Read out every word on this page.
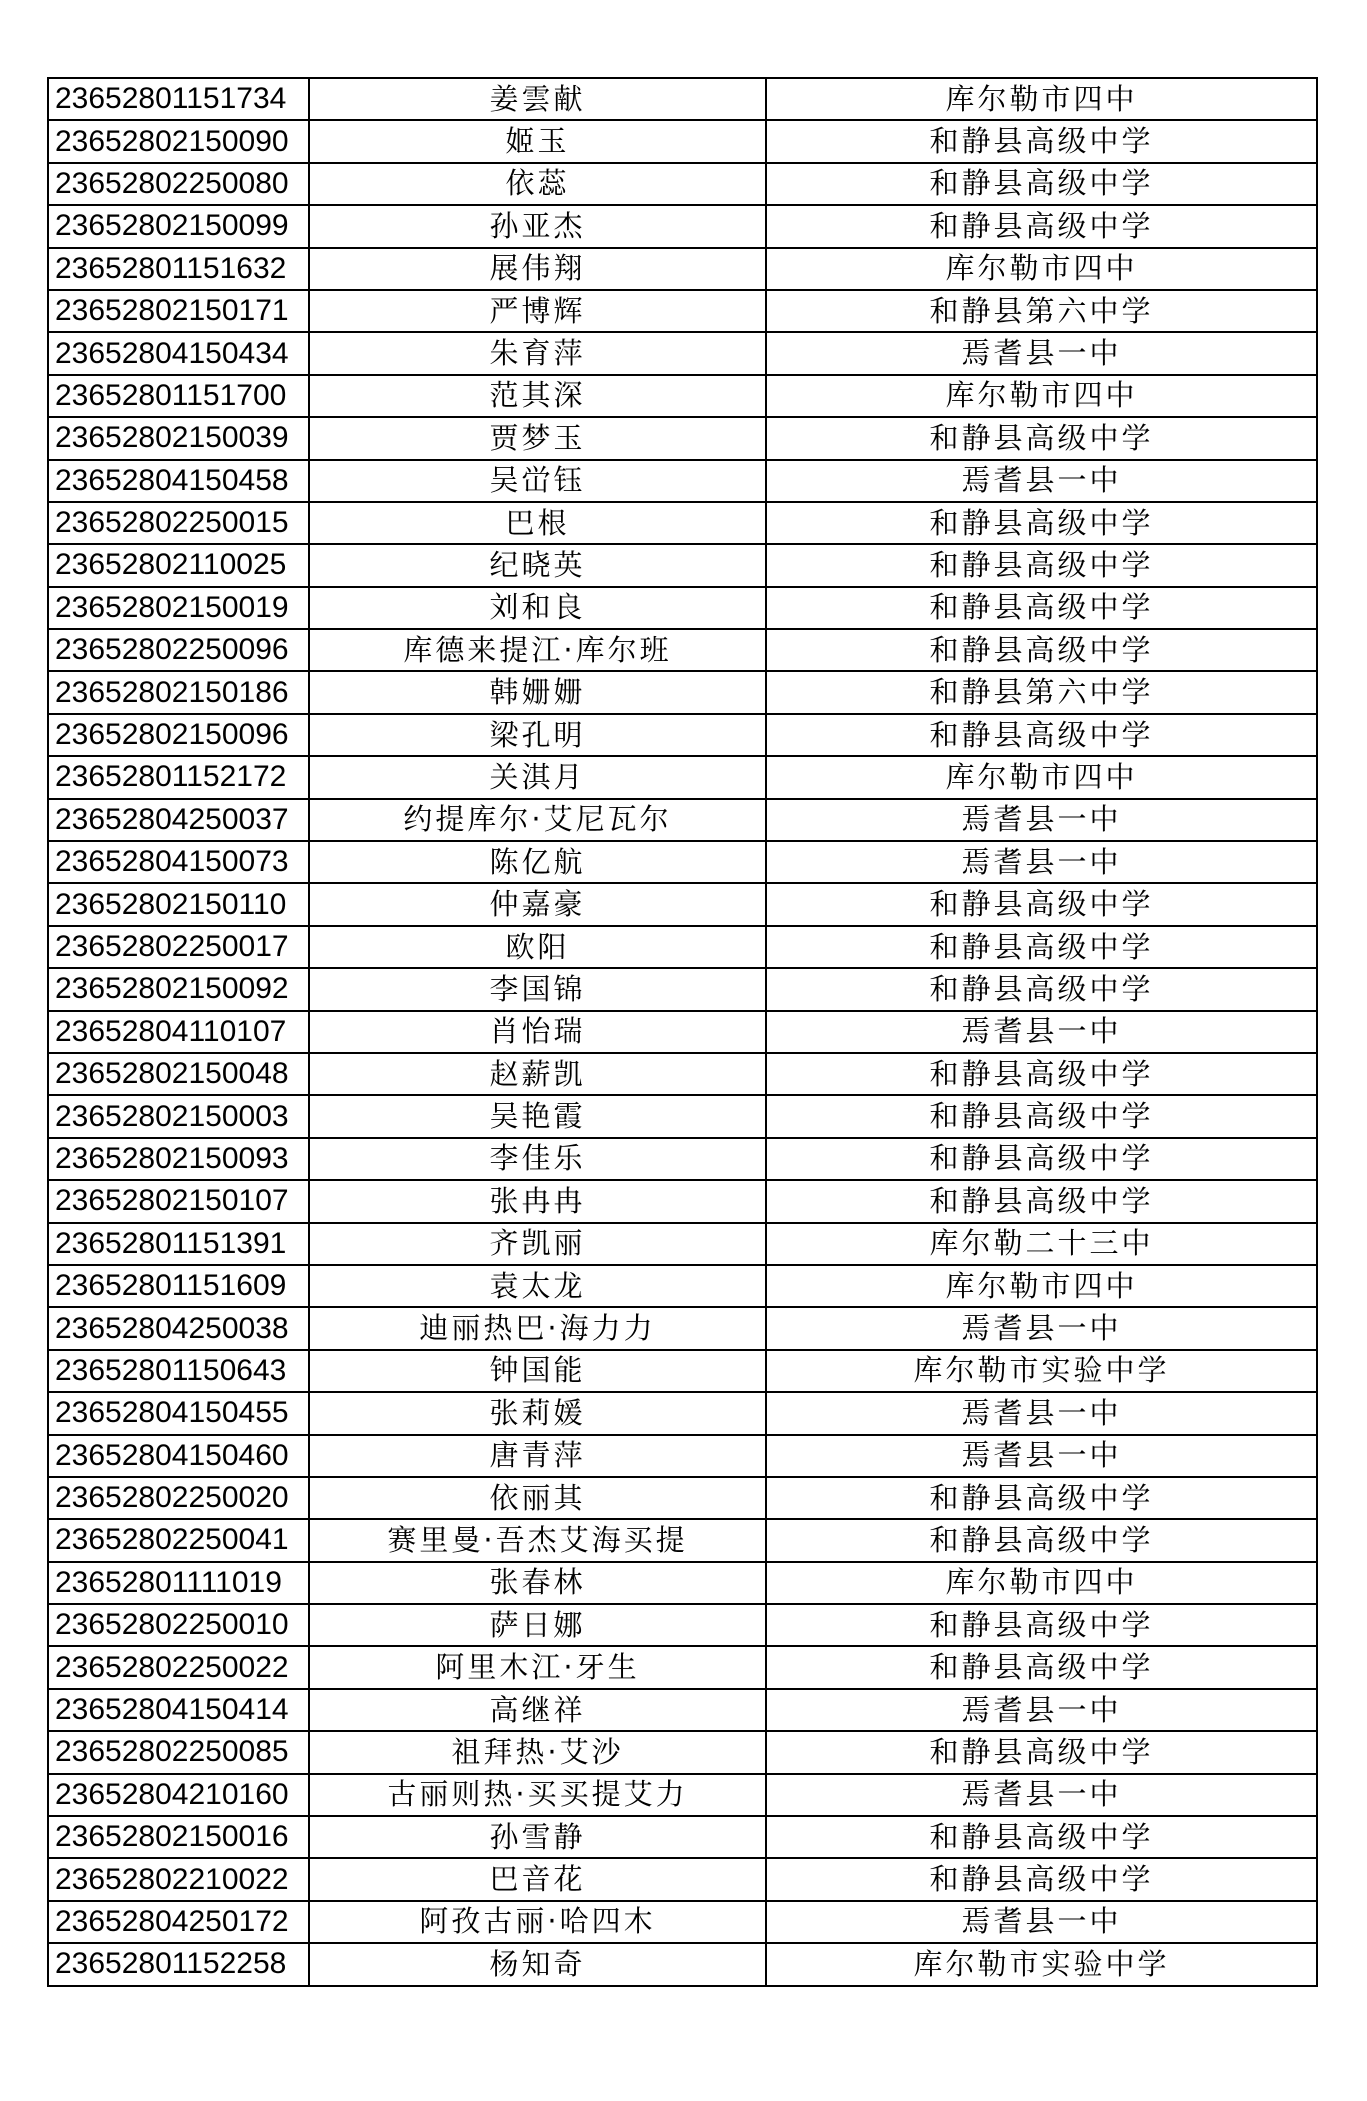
23652801151734	姜雲献	库尔勒市四中
23652802150090	姬玉	和静县高级中学
23652802250080	依蕊	和静县高级中学
23652802150099	孙亚杰	和静县高级中学
23652801151632	展伟翔	库尔勒市四中
23652802150171	严博辉	和静县第六中学
23652804150434	朱育萍	焉耆县一中
23652801151700	范其深	库尔勒市四中
23652802150039	贾梦玉	和静县高级中学
23652804150458	吴峃钰	焉耆县一中
23652802250015	巴根	和静县高级中学
23652802110025	纪晓英	和静县高级中学
23652802150019	刘和良	和静县高级中学
23652802250096	库德来提江·库尔班	和静县高级中学
23652802150186	韩姗姗	和静县第六中学
23652802150096	梁孔明	和静县高级中学
23652801152172	关淇月	库尔勒市四中
23652804250037	约提库尔·艾尼瓦尔	焉耆县一中
23652804150073	陈亿航	焉耆县一中
23652802150110	仲嘉豪	和静县高级中学
23652802250017	欧阳	和静县高级中学
23652802150092	李国锦	和静县高级中学
23652804110107	肖怡瑞	焉耆县一中
23652802150048	赵薪凯	和静县高级中学
23652802150003	吴艳霞	和静县高级中学
23652802150093	李佳乐	和静县高级中学
23652802150107	张冉冉	和静县高级中学
23652801151391	齐凯丽	库尔勒二十三中
23652801151609	袁太龙	库尔勒市四中
23652804250038	迪丽热巴·海力力	焉耆县一中
23652801150643	钟国能	库尔勒市实验中学
23652804150455	张莉媛	焉耆县一中
23652804150460	唐青萍	焉耆县一中
23652802250020	依丽其	和静县高级中学
23652802250041	赛里曼·吾杰艾海买提	和静县高级中学
23652801111019	张春林	库尔勒市四中
23652802250010	萨日娜	和静县高级中学
23652802250022	阿里木江·牙生	和静县高级中学
23652804150414	高继祥	焉耆县一中
23652802250085	祖拜热·艾沙	和静县高级中学
23652804210160	古丽则热·买买提艾力	焉耆县一中
23652802150016	孙雪静	和静县高级中学
23652802210022	巴音花	和静县高级中学
23652804250172	阿孜古丽·哈四木	焉耆县一中
23652801152258	杨知奇	库尔勒市实验中学
